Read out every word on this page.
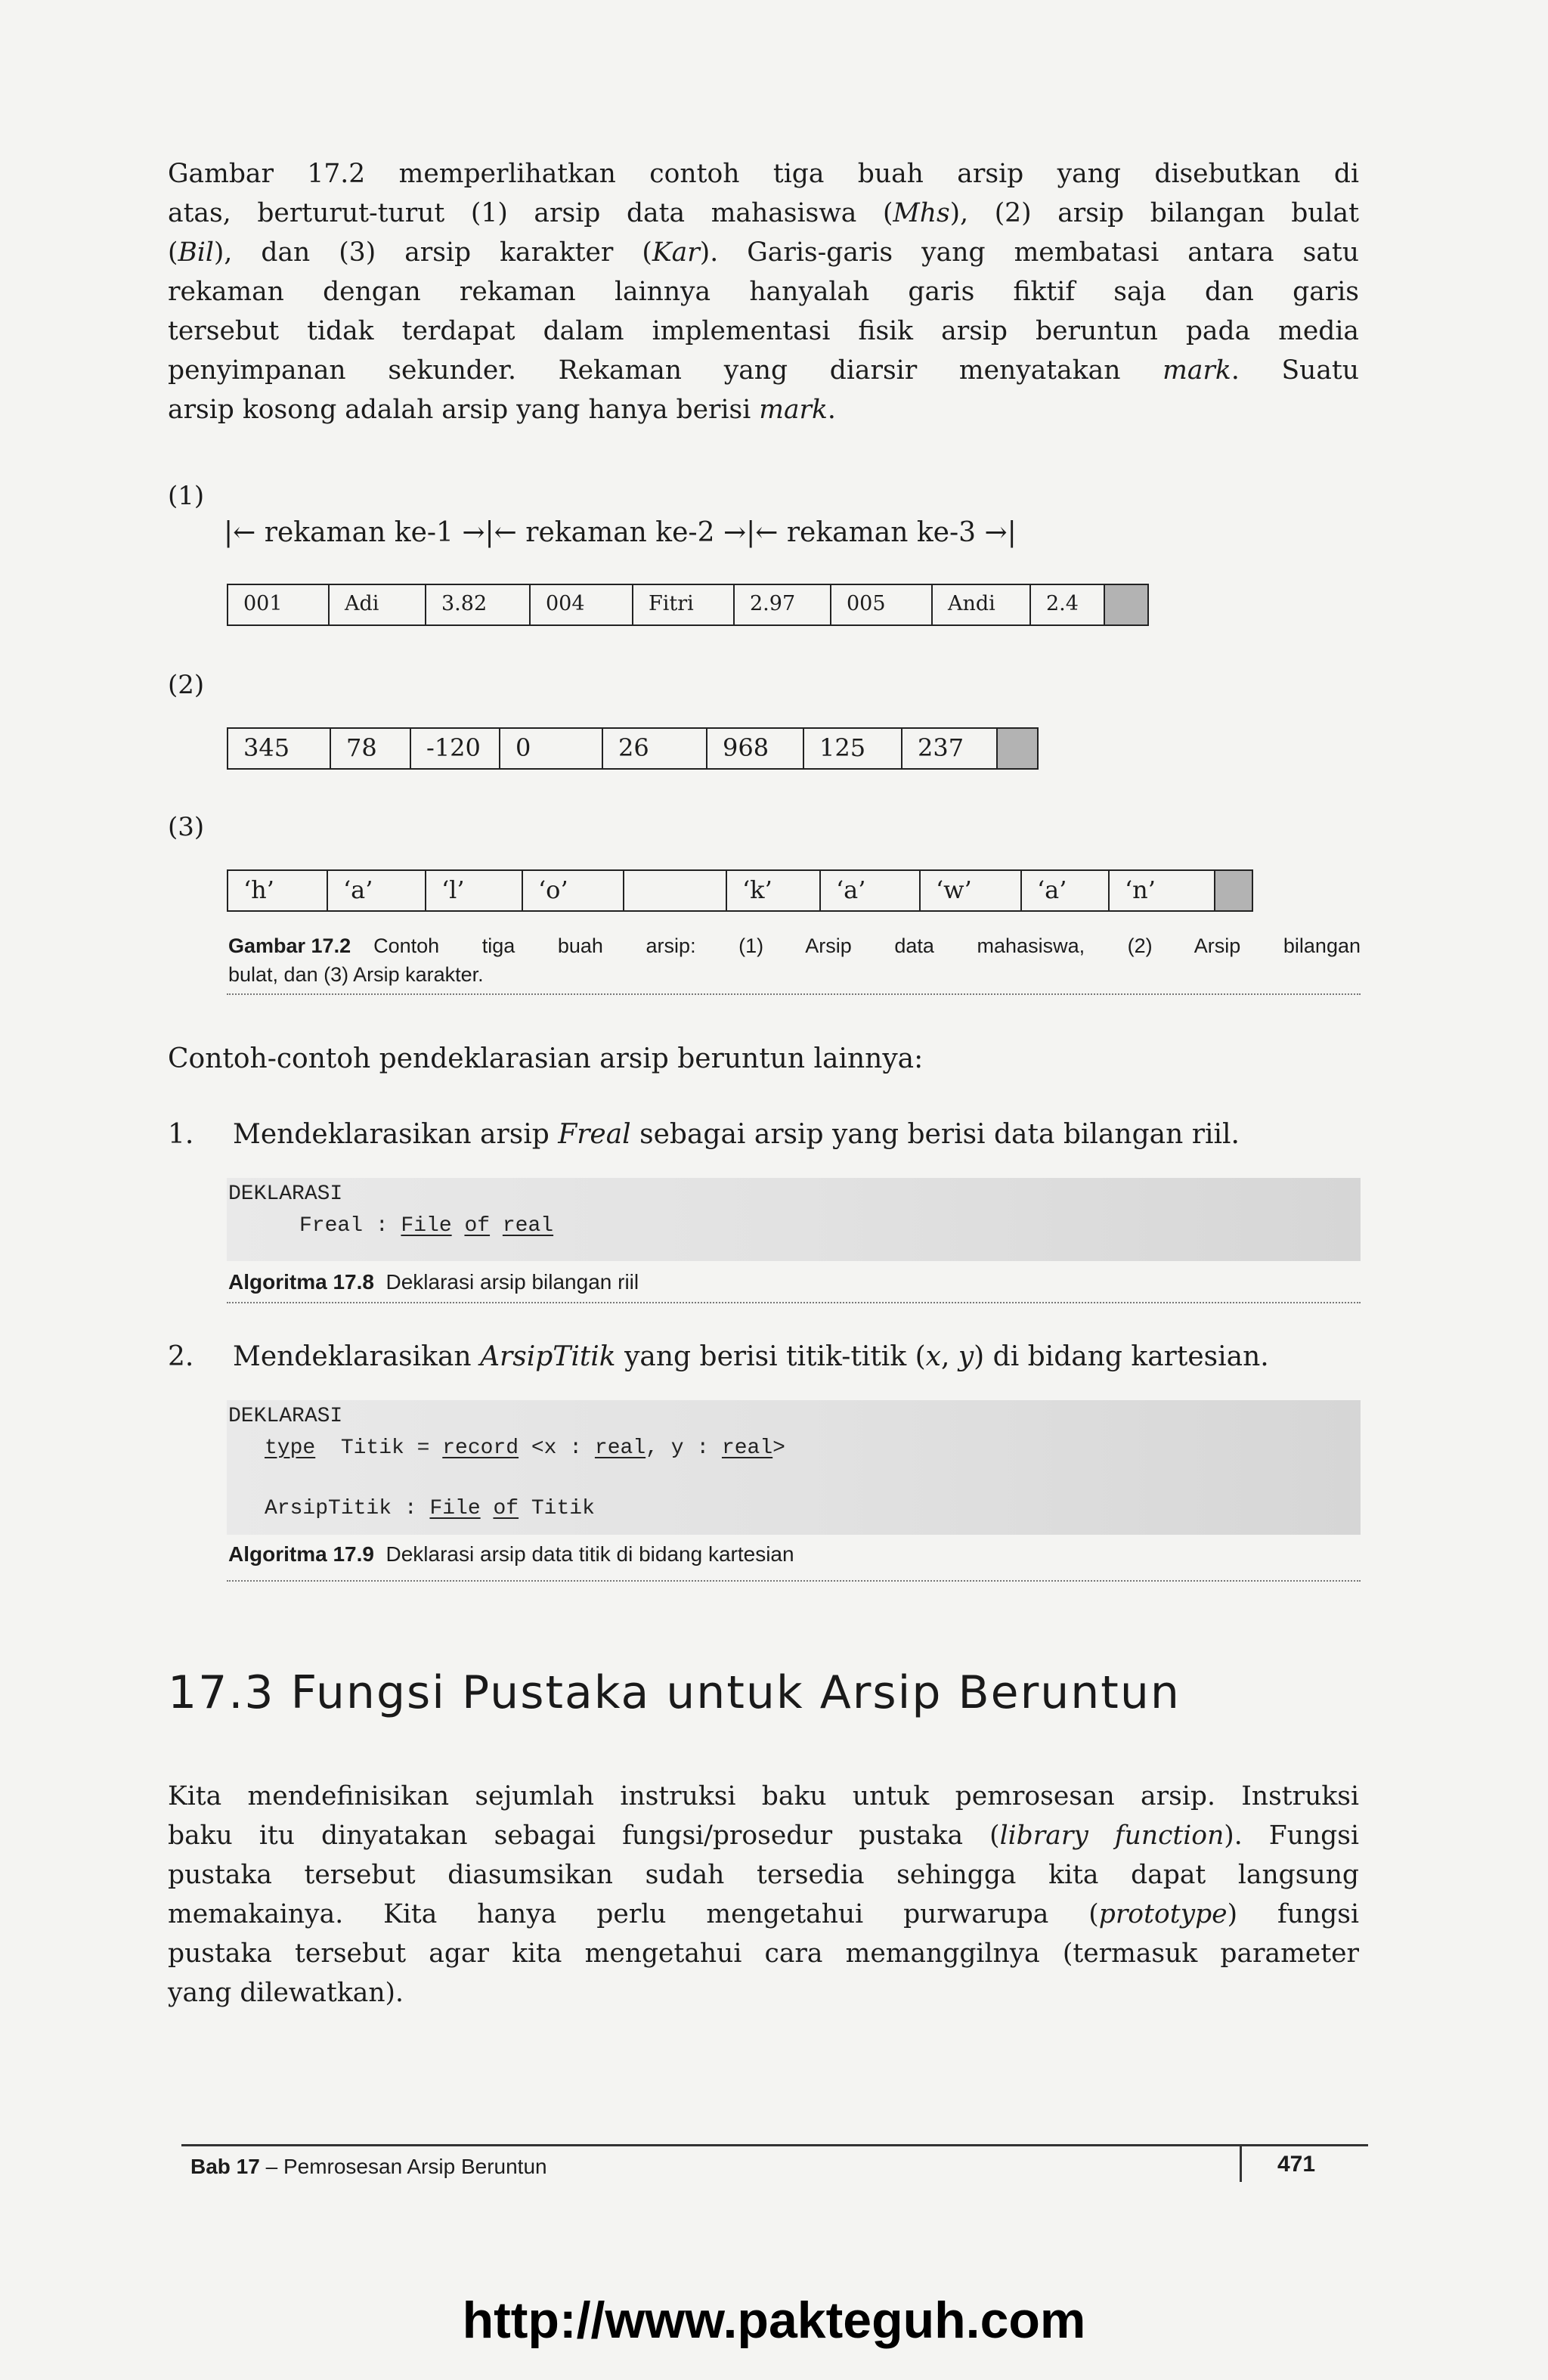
Gambar 17.2 memperlihatkan contoh tiga buah arsip yang disebutkan di
atas, berturut-turut (1) arsip data mahasiswa (Mhs), (2) arsip bilangan bulat
(Bil), dan (3) arsip karakter (Kar). Garis-garis yang membatasi antara satu
rekaman dengan rekaman lainnya hanyalah garis fiktif saja dan garis
tersebut tidak terdapat dalam implementasi fisik arsip beruntun pada media
penyimpanan sekunder. Rekaman yang diarsir menyatakan mark. Suatu
arsip kosong adalah arsip yang hanya berisi mark.
(1)
|← rekaman ke-1 →|← rekaman ke-2 →|← rekaman ke-3 →|
001	Adi	3.82	004	Fitri	2.97	005	Andi	2.4
(2)
345	78	-120	0	26	968	125	237
(3)
‘h’	‘a’	‘l’	‘o’	‘k’	‘a’	‘w’	‘a’	‘n’
Gambar 17.2 Contoh tiga buah arsip: (1) Arsip data mahasiswa, (2) Arsip bilangan
bulat, dan (3) Arsip karakter.
Contoh-contoh pendeklarasian arsip beruntun lainnya:
1. Mendeklarasikan arsip Freal sebagai arsip yang berisi data bilangan riil.
DEKLARASI
Freal : File of real
Algoritma 17.8 Deklarasi arsip bilangan riil
2. Mendeklarasikan ArsipTitik yang berisi titik-titik (x, y) di bidang kartesian.
DEKLARASI
type  Titik = record <x : real, y : real>
ArsipTitik : File of Titik
Algoritma 17.9 Deklarasi arsip data titik di bidang kartesian
17.3 Fungsi Pustaka untuk Arsip Beruntun
Kita mendefinisikan sejumlah instruksi baku untuk pemrosesan arsip. Instruksi
baku itu dinyatakan sebagai fungsi/prosedur pustaka (library function). Fungsi
pustaka tersebut diasumsikan sudah tersedia sehingga kita dapat langsung
memakainya. Kita hanya perlu mengetahui purwarupa (prototype) fungsi
pustaka tersebut agar kita mengetahui cara memanggilnya (termasuk parameter
yang dilewatkan).
Bab 17 – Pemrosesan Arsip Beruntun	471
http://www.pakteguh.com
